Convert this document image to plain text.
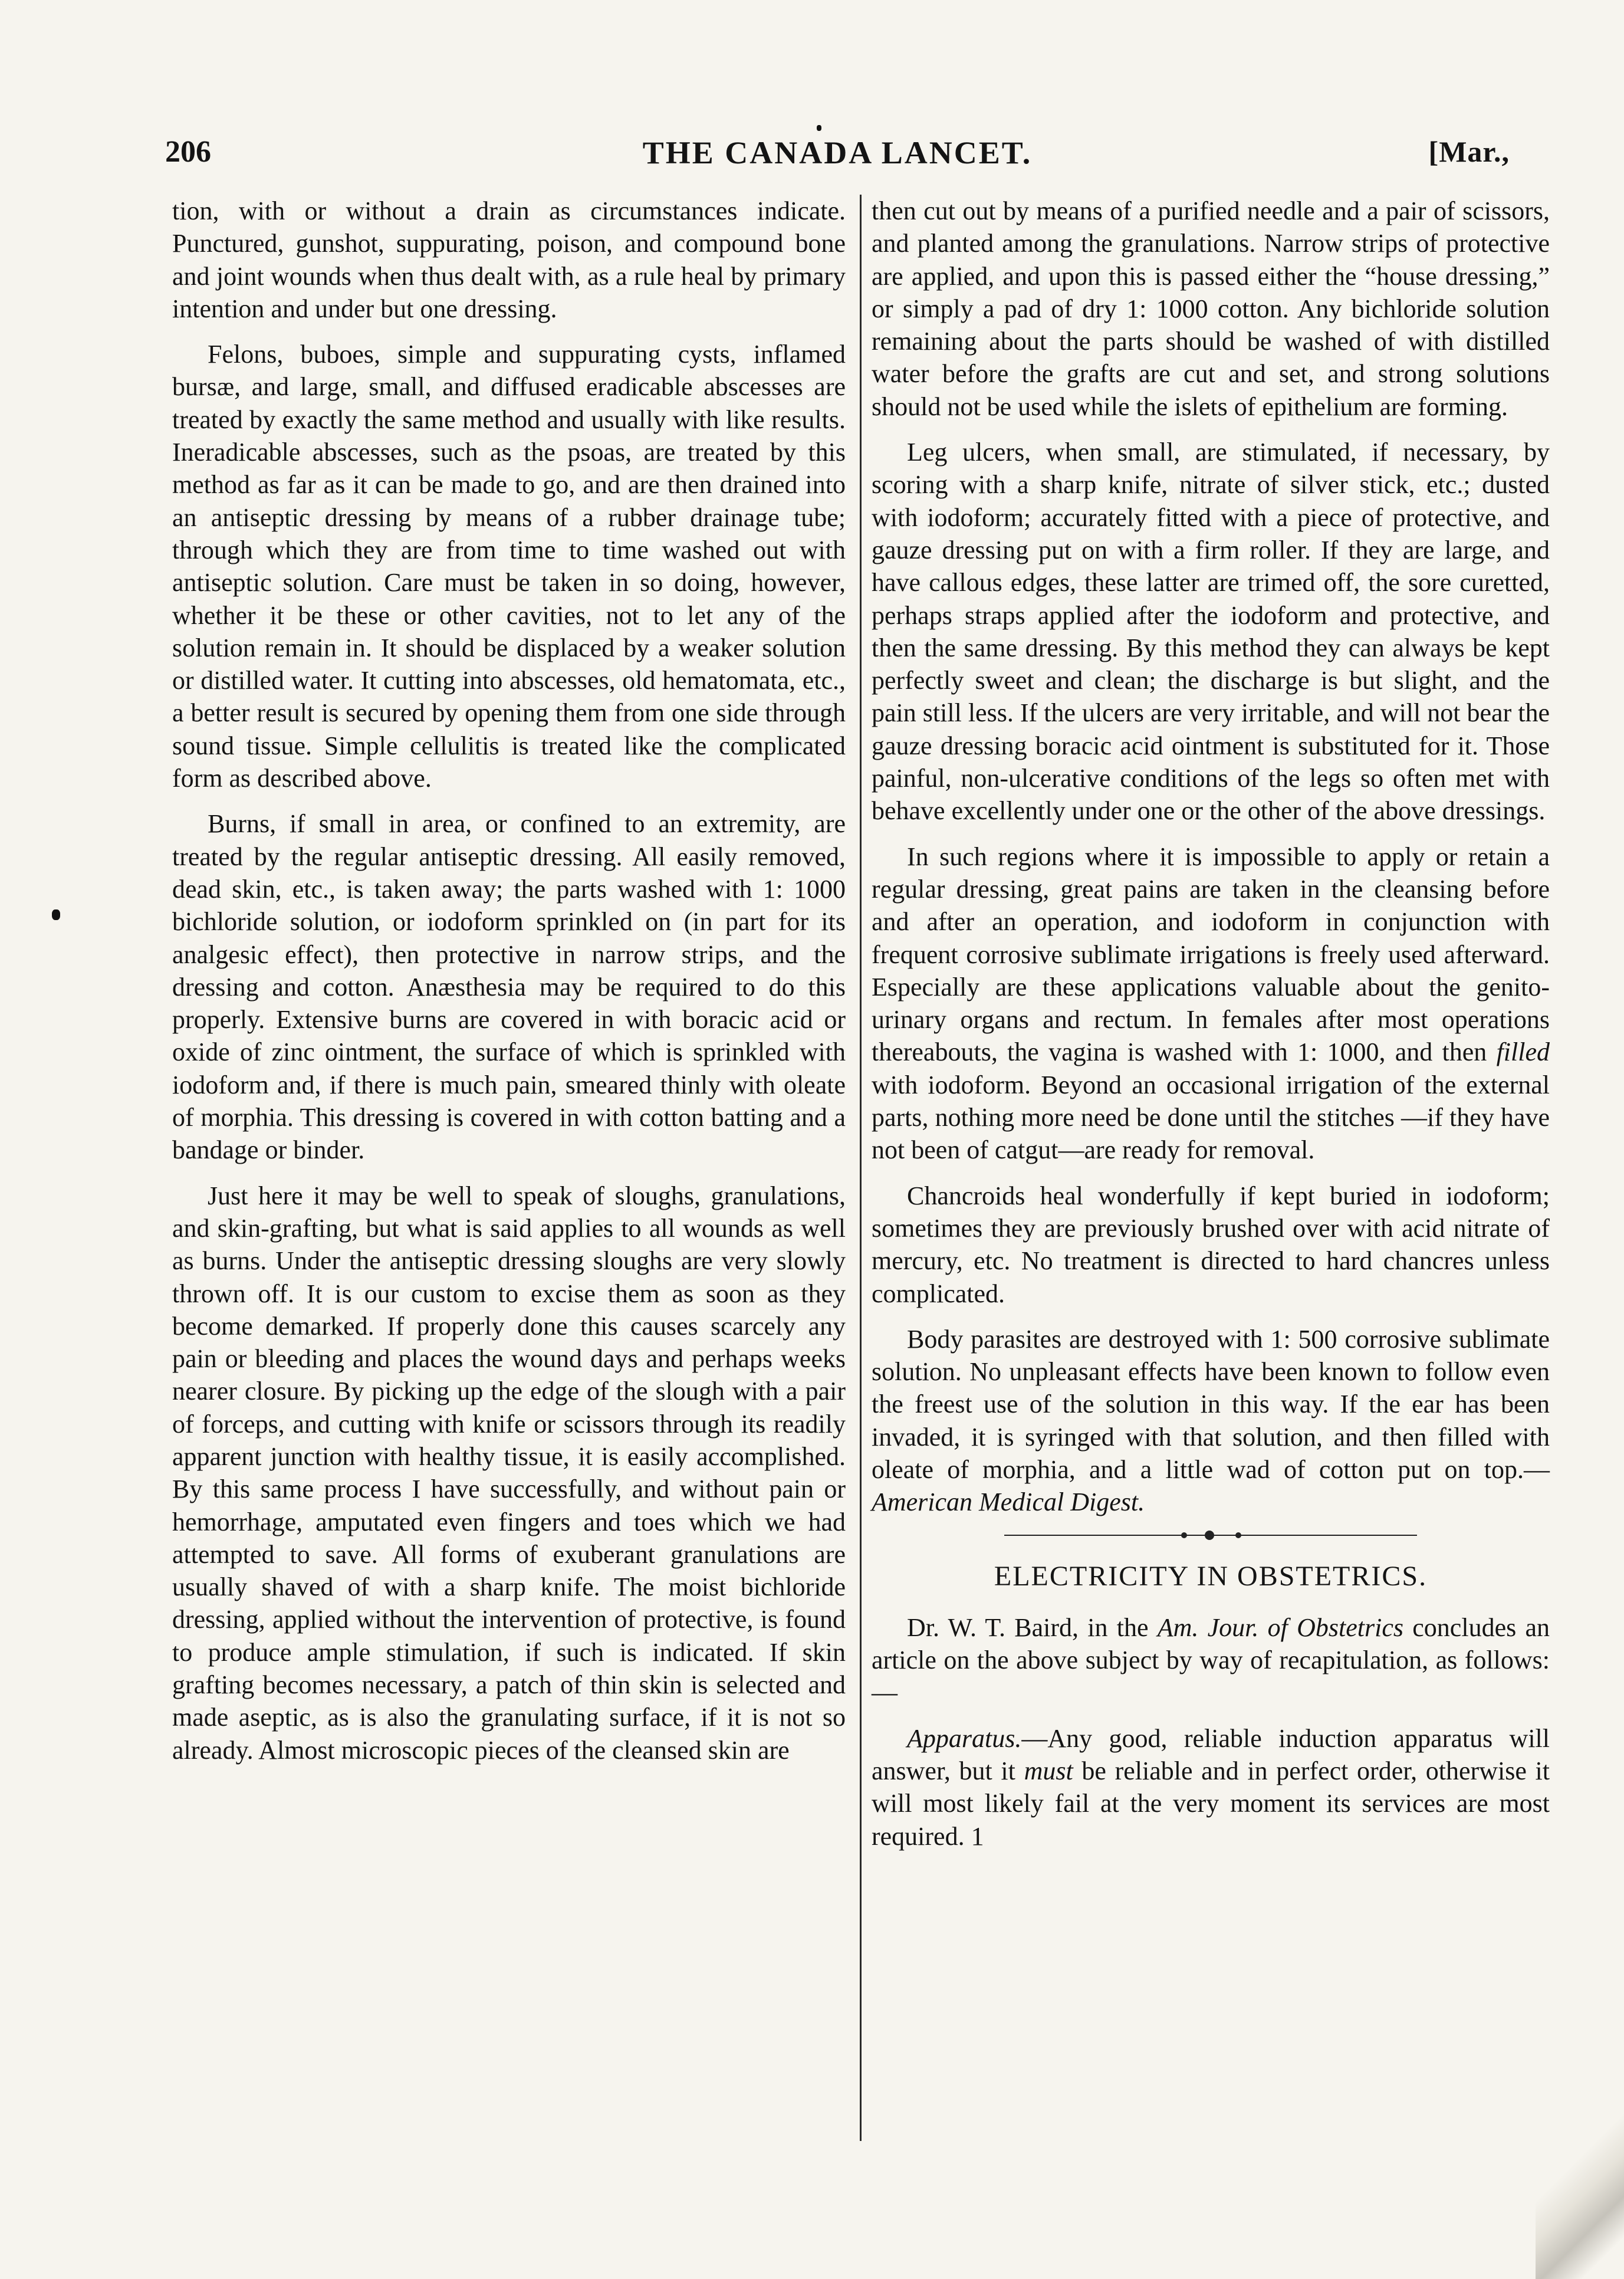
206	THE CANADA LANCET.	[Mar.,

tion, with or without a drain as circumstances indicate. Punctured, gunshot, suppurating, poison, and compound bone and joint wounds when thus dealt with, as a rule heal by primary intention and under but one dressing.

Felons, buboes, simple and suppurating cysts, inflamed bursæ, and large, small, and diffused eradicable abscesses are treated by exactly the same method and usually with like results. Ineradicable abscesses, such as the psoas, are treated by this method as far as it can be made to go, and are then drained into an antiseptic dressing by means of a rubber drainage tube; through which they are from time to time washed out with antiseptic solution. Care must be taken in so doing, however, whether it be these or other cavities, not to let any of the solution remain in. It should be displaced by a weaker solution or distilled water. It cutting into abscesses, old hematomata, etc., a better result is secured by opening them from one side through sound tissue. Simple cellulitis is treated like the complicated form as described above.

Burns, if small in area, or confined to an extremity, are treated by the regular antiseptic dressing. All easily removed, dead skin, etc., is taken away; the parts washed with 1: 1000 bichloride solution, or iodoform sprinkled on (in part for its analgesic effect), then protective in narrow strips, and the dressing and cotton. Anæsthesia may be required to do this properly. Extensive burns are covered in with boracic acid or oxide of zinc ointment, the surface of which is sprinkled with iodoform and, if there is much pain, smeared thinly with oleate of morphia. This dressing is covered in with cotton batting and a bandage or binder.

Just here it may be well to speak of sloughs, granulations, and skin-grafting, but what is said applies to all wounds as well as burns. Under the antiseptic dressing sloughs are very slowly thrown off. It is our custom to excise them as soon as they become demarked. If properly done this causes scarcely any pain or bleeding and places the wound days and perhaps weeks nearer closure. By picking up the edge of the slough with a pair of forceps, and cutting with knife or scissors through its readily apparent junction with healthy tissue, it is easily accomplished. By this same process I have successfully, and without pain or hemorrhage, amputated even fingers and toes which we had attempted to save. All forms of exuberant granulations are usually shaved of with a sharp knife. The moist bichloride dressing, applied without the intervention of protective, is found to produce ample stimulation, if such is indicated. If skin grafting becomes necessary, a patch of thin skin is selected and made aseptic, as is also the granulating surface, if it is not so already. Almost microscopic pieces of the cleansed skin are

then cut out by means of a purified needle and a pair of scissors, and planted among the granulations. Narrow strips of protective are applied, and upon this is passed either the “house dressing,” or simply a pad of dry 1: 1000 cotton. Any bichloride solution remaining about the parts should be washed of with distilled water before the grafts are cut and set, and strong solutions should not be used while the islets of epithelium are forming.

Leg ulcers, when small, are stimulated, if necessary, by scoring with a sharp knife, nitrate of silver stick, etc.; dusted with iodoform; accurately fitted with a piece of protective, and gauze dressing put on with a firm roller. If they are large, and have callous edges, these latter are trimed off, the sore curetted, perhaps straps applied after the iodoform and protective, and then the same dressing. By this method they can always be kept perfectly sweet and clean; the discharge is but slight, and the pain still less. If the ulcers are very irritable, and will not bear the gauze dressing boracic acid ointment is substituted for it. Those painful, non-ulcerative conditions of the legs so often met with behave excellently under one or the other of the above dressings.

In such regions where it is impossible to apply or retain a regular dressing, great pains are taken in the cleansing before and after an operation, and iodoform in conjunction with frequent corrosive sublimate irrigations is freely used afterward. Especially are these applications valuable about the genito-urinary organs and rectum. In females after most operations thereabouts, the vagina is washed with 1: 1000, and then filled with iodoform. Beyond an occasional irrigation of the external parts, nothing more need be done until the stitches —if they have not been of catgut—are ready for removal.

Chancroids heal wonderfully if kept buried in iodoform; sometimes they are previously brushed over with acid nitrate of mercury, etc. No treatment is directed to hard chancres unless complicated.

Body parasites are destroyed with 1: 500 corrosive sublimate solution. No unpleasant effects have been known to follow even the freest use of the solution in this way. If the ear has been invaded, it is syringed with that solution, and then filled with oleate of morphia, and a little wad of cotton put on top.—American Medical Digest.

ELECTRICITY IN OBSTETRICS.

Dr. W. T. Baird, in the Am. Jour. of Obstetrics concludes an article on the above subject by way of recapitulation, as follows:—

Apparatus.—Any good, reliable induction apparatus will answer, but it must be reliable and in perfect order, otherwise it will most likely fail at the very moment its services are most required. 1
